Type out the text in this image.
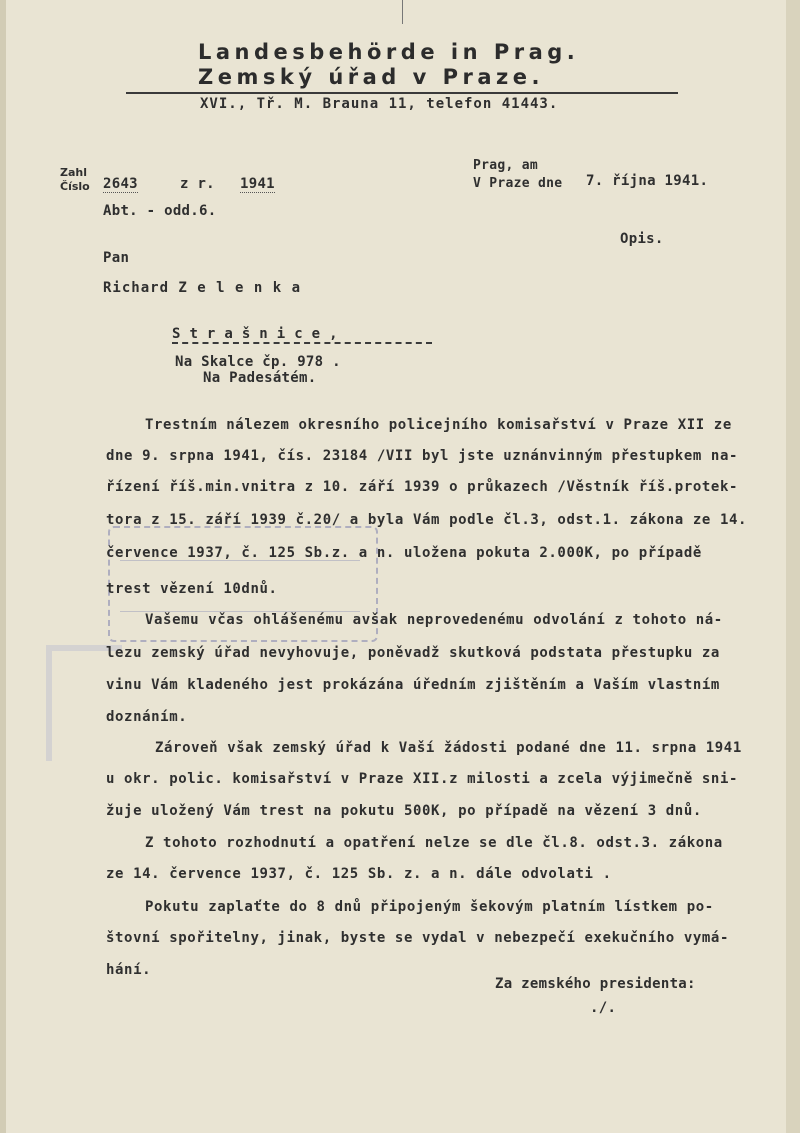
Landesbehörde in Prag.
Zemský úřad v Praze.
XVI., Tř. M. Brauna 11, telefon 41443.
Zahl
Číslo 2643	z r. 1941
Abt. - odd.6.
Prag, am
V Praze dne 7. října 1941.
Opis.
Pan
Richard Z e l e n k a
S t r a š n i c e ,
Na Skalce čp. 978 .
Na Padesátém.
Trestním nálezem okresního policejního komisařství v Praze XII ze
dne 9. srpna 1941, čís. 23184 /VII byl jste uznánvinným přestupkem na-
řízení říš.min.vnitra z 10. září 1939 o průkazech /Věstník říš.protek-
tora z 15. září 1939 č.20/ a byla Vám podle čl.3, odst.1. zákona ze 14.
července 1937, č. 125 Sb.z. a n. uložena pokuta 2.000K, po případě
trest vězení 10dnů.
Vašemu včas ohlášenému avšak neprovedenému odvolání z tohoto ná-
lezu zemský úřad nevyhovuje, poněvadž skutková podstata přestupku za
vinu Vám kladeného jest prokázána úředním zjištěním a Vaším vlastním
doznáním.
Zároveň však zemský úřad k Vaší žádosti podané dne 11. srpna 1941
u okr. polic. komisařství v Praze XII.z milosti a zcela výjimečně sni-
žuje uložený Vám trest na pokutu 500K, po případě na vězení 3 dnů.
Z tohoto rozhodnutí a opatření nelze se dle čl.8. odst.3. zákona
ze 14. července 1937, č. 125 Sb. z. a n. dále odvolati .
Pokutu zaplaťte do 8 dnů připojeným šekovým platním lístkem po-
štovní spořitelny, jinak, byste se vydal v nebezpečí exekučního vymá-
hání.
Za zemského presidenta:
./.
